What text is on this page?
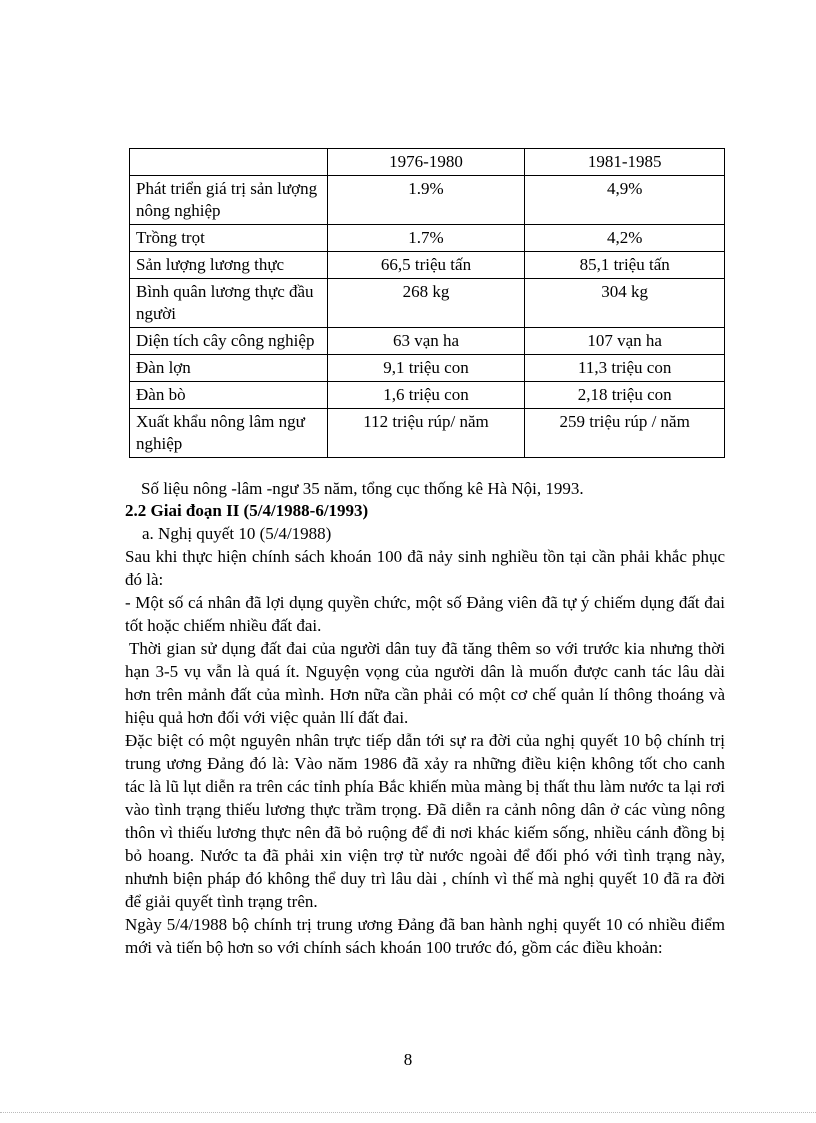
	1976-1980	1981-1985
Phát triển giá trị sản lượng nông nghiệp	1.9%	4,9%
Trồng trọt	1.7%	4,2%
Sản lượng lương thực	66,5 triệu tấn	85,1 triệu tấn
Bình quân lương thực đầu người	268 kg	304 kg
Diện tích cây công nghiệp	63 vạn ha	107 vạn ha
Đàn lợn	9,1 triệu con	11,3 triệu con
Đàn bò	1,6 triệu con	2,18 triệu con
Xuất khẩu nông lâm ngư nghiệp	112 triệu rúp/ năm	259 triệu rúp / năm
Số liệu nông -lâm -ngư 35 năm, tổng cục thống kê Hà Nội, 1993.

2.2 Giai đoạn II (5/4/1988-6/1993)

a. Nghị quyết 10 (5/4/1988)

Sau khi thực hiện chính sách khoán 100 đã nảy sinh nghiều tồn tại cần phải khắc phục đó là:

- Một số cá nhân đã lợi dụng quyền chức, một số Đảng viên đã tự ý chiếm dụng đất đai tốt hoặc chiếm nhiều đất đai.

Thời gian sử dụng đất đai của người dân tuy đã tăng thêm so với trước kia nhưng thời hạn 3-5 vụ vẫn là quá ít. Nguyện vọng của người dân là muốn được canh tác lâu dài hơn trên mảnh đất của mình. Hơn nữa cần phải có một cơ chế quản lí thông thoáng và hiệu quả hơn đối với việc quản llí đất đai.

Đặc biệt có một nguyên nhân trực tiếp dẫn tới sự ra đời của nghị quyết 10 bộ chính trị trung ương Đảng đó là: Vào năm 1986 đã xảy ra những điều kiện không tốt cho canh tác là lũ lụt diễn ra trên các tỉnh phía Bắc khiến mùa màng bị thất thu làm nước ta lại rơi vào tình trạng thiếu lương thực trầm trọng. Đã diễn ra cảnh nông dân ở các vùng nông thôn vì thiếu lương thực nên đã bỏ ruộng để đi nơi khác kiếm sống, nhiều cánh đồng bị bỏ hoang. Nước ta đã phải xin viện trợ từ nước ngoài để đối phó với tình trạng này, nhưnh biện pháp đó không thể duy trì lâu dài , chính vì thế mà nghị quyết 10 đã ra đời để giải quyết tình trạng trên.

Ngày 5/4/1988 bộ chính trị trung ương Đảng đã ban hành nghị quyết 10 có nhiều điểm mới và tiến bộ hơn so với chính sách khoán 100 trước đó, gồm các điều khoản:

8
